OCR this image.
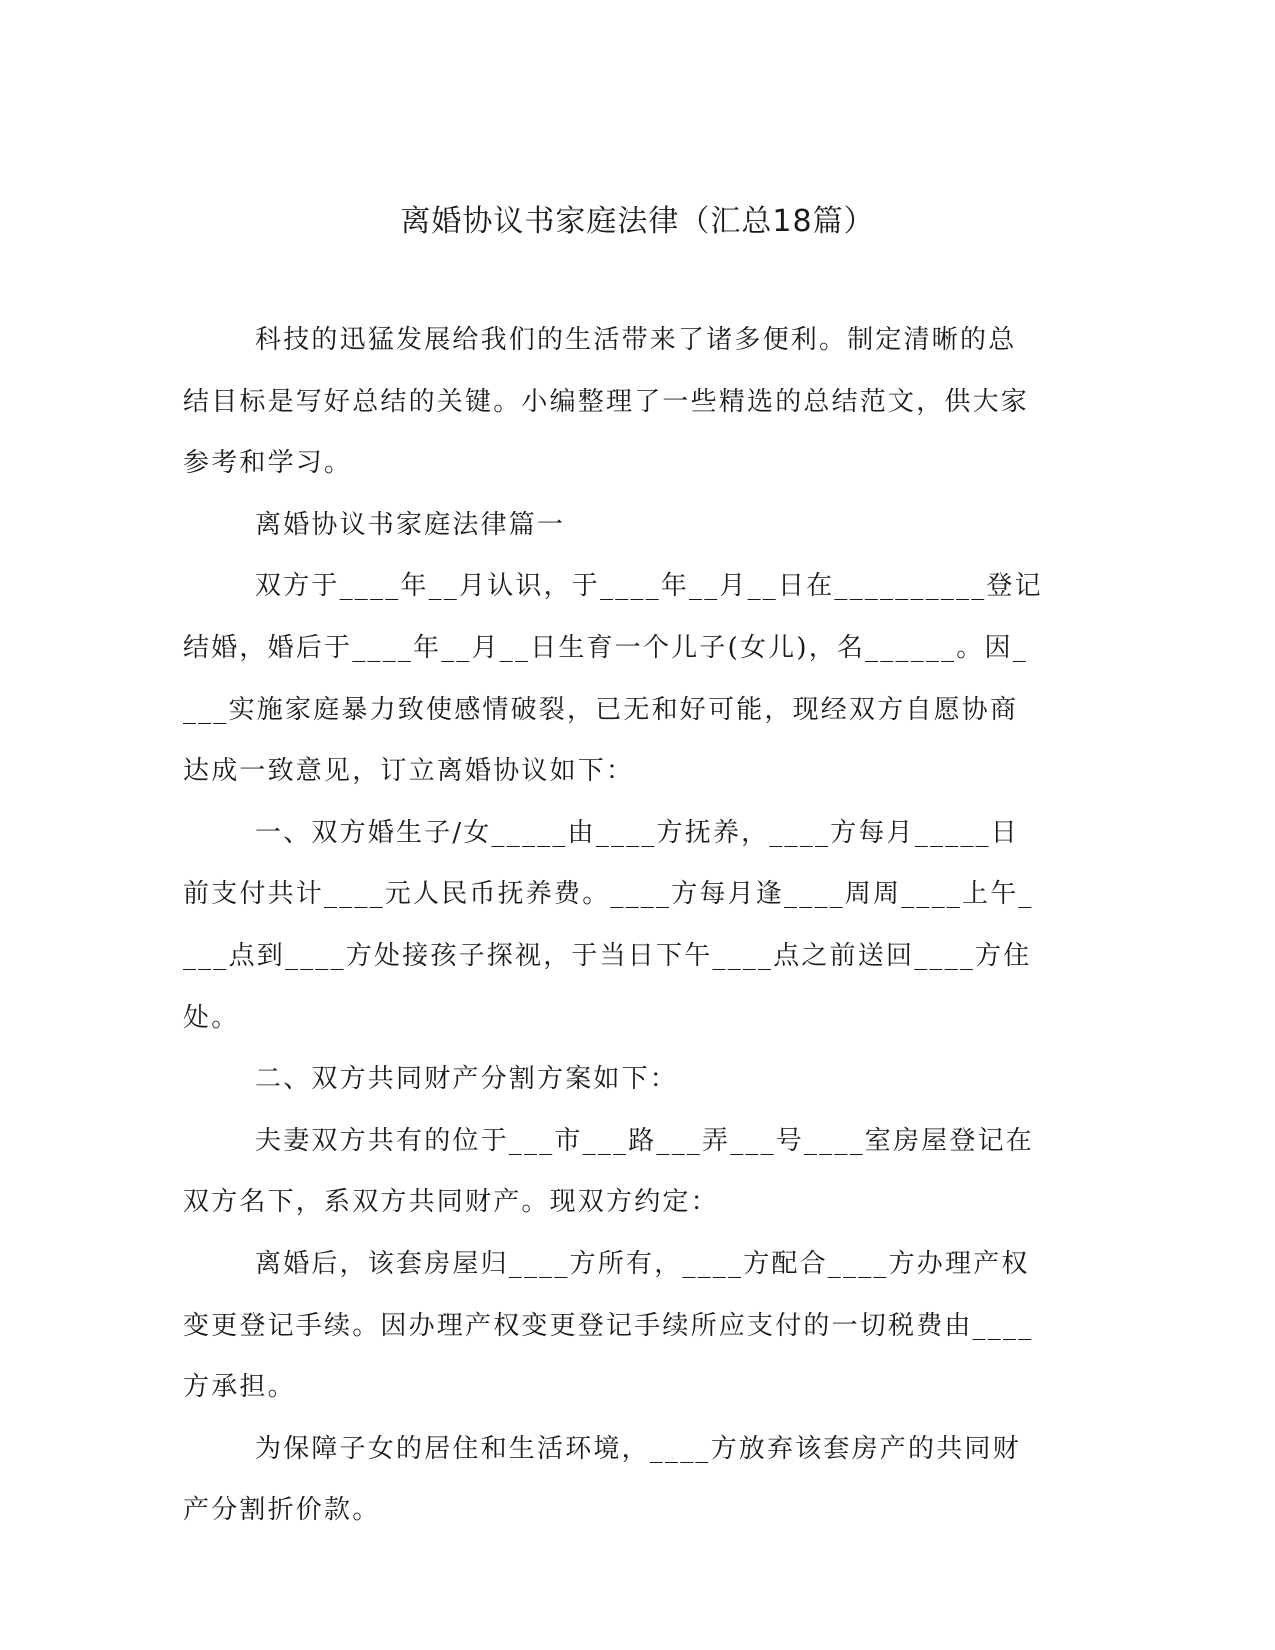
离婚协议书家庭法律（汇总18篇）

科技的迅猛发展给我们的生活带来了诸多便利。制定清晰的总结目标是写好总结的关键。小编整理了一些精选的总结范文，供大家参考和学习。

离婚协议书家庭法律篇一

双方于____年__月认识，于____年__月__日在__________登记结婚，婚后于____年__月__日生育一个儿子(女儿)，名______。因____实施家庭暴力致使感情破裂，已无和好可能，现经双方自愿协商达成一致意见，订立离婚协议如下：

一、双方婚生子/女_____由____方抚养，____方每月_____日前支付共计____元人民币抚养费。____方每月逢____周周____上午____点到____方处接孩子探视，于当日下午____点之前送回____方住处。

二、双方共同财产分割方案如下：

夫妻双方共有的位于___市___路___弄___号____室房屋登记在双方名下，系双方共同财产。现双方约定：

离婚后，该套房屋归____方所有，____方配合____方办理产权变更登记手续。因办理产权变更登记手续所应支付的一切税费由____方承担。

为保障子女的居住和生活环境，____方放弃该套房产的共同财产分割折价款。
